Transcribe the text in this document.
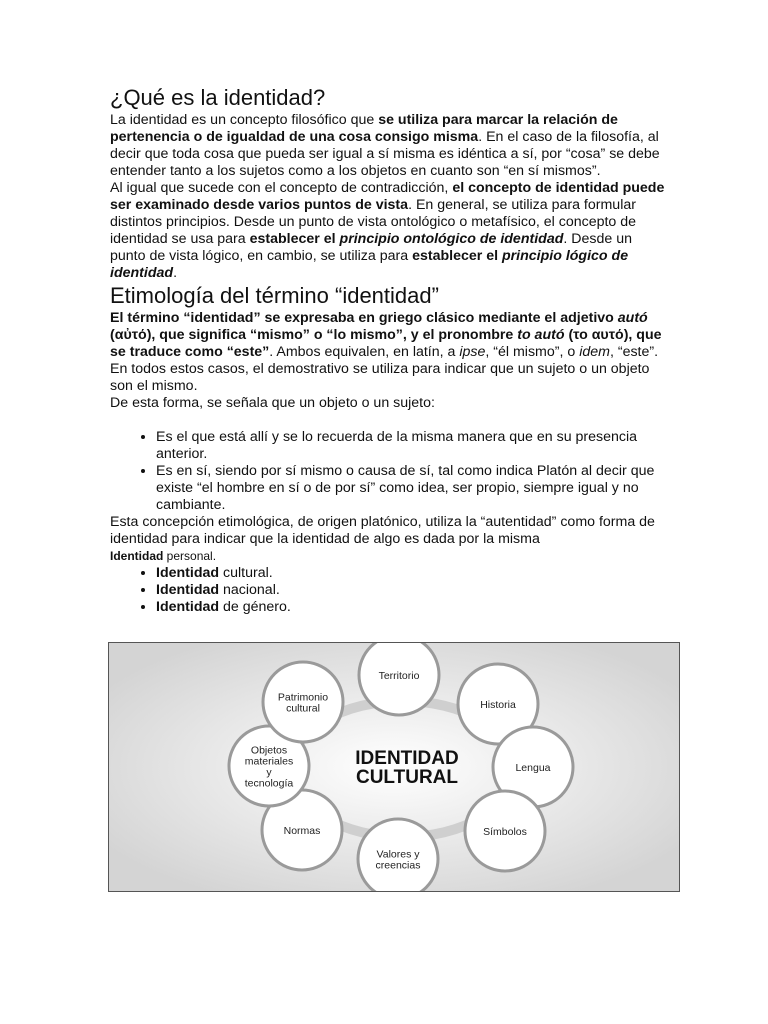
¿Qué es la identidad?

La identidad es un concepto filosófico que se utiliza para marcar la relación de pertenencia o de igualdad de una cosa consigo misma. En el caso de la filosofía, al decir que toda cosa que pueda ser igual a sí misma es idéntica a sí, por “cosa” se debe entender tanto a los sujetos como a los objetos en cuanto son “en sí mismos”.

Al igual que sucede con el concepto de contradicción, el concepto de identidad puede ser examinado desde varios puntos de vista. En general, se utiliza para formular distintos principios. Desde un punto de vista ontológico o metafísico, el concepto de identidad se usa para establecer el principio ontológico de identidad. Desde un punto de vista lógico, en cambio, se utiliza para establecer el principio lógico de identidad.

Etimología del término “identidad”

El término “identidad” se expresaba en griego clásico mediante el adjetivo autó (αὐτό), que significa “mismo” o “lo mismo”, y el pronombre to autó (το αυτό), que se traduce como “este”. Ambos equivalen, en latín, a ipse, “él mismo”, o idem, “este”. En todos estos casos, el demostrativo se utiliza para indicar que un sujeto o un objeto son el mismo.

De esta forma, se señala que un objeto o un sujeto:

• Es el que está allí y se lo recuerda de la misma manera que en su presencia anterior.
• Es en sí, siendo por sí mismo o causa de sí, tal como indica Platón al decir que existe “el hombre en sí o de por sí” como idea, ser propio, siempre igual y no cambiante.

Esta concepción etimológica, de origen platónico, utiliza la “autentidad” como forma de identidad para indicar que la identidad de algo es dada por la misma

Identidad personal.

• Identidad cultural.
• Identidad nacional.
• Identidad de género.
IDENTIDAD
CULTURAL
Territorio
Historia
Lengua
Símbolos
Valores y
creencias
Normas
Objetos
materiales
y
tecnología
Patrimonio
cultural
